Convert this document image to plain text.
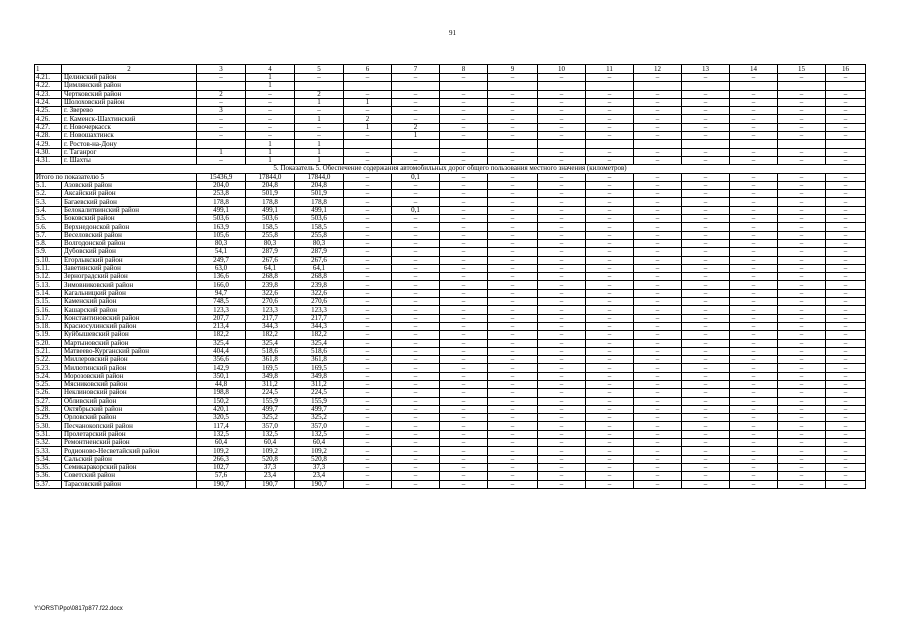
91
1	2	3	4	5	6	7	8	9	10	11	12	13	14	15	16
4.21.	Целинский район	–	1	–	–	–	–	–	–	–	–	–	–	–	–
4.22.	Цимлянский район		1												
4.23.	Чертковский район	2	–	2	–	–	–	–	–	–	–	–	–	–	–
4.24.	Шолоховский район	–	–	1	1	–	–	–	–	–	–	–	–	–	–
4.25.	г. Зверево	3	–	–	–	–	–	–	–	–	–	–	–	–	–
4.26.	г. Каменск-Шахтинский	–	–	1	2	–	–	–	–	–	–	–	–	–	–
4.27.	г. Новочеркасск	–	–	–	1	2	–	–	–	–	–	–	–	–	–
4.28.	г. Новошахтинск	–	–	–	–	1	–	–	–	–	–	–	–	–	–
4.29.	г. Ростов-на-Дону		1	1											
4.30.	г. Таганрог	1	1	1	–	–	–	–	–	–	–	–	–	–	–
4.31.	г. Шахты	–	1	1	–	–	–	–	–	–	–	–	–	–	–
5. Показатель 5. Обеспечение содержания автомобильных дорог общего пользования местного значения (километров)															
Итого по показателю 5		15436,9	17844,0	17844,0	–	0,1	–	–	–	–	–	–	–	–	–
5.1.	Азовский район	204,0	204,8	204,8	–	–	–	–	–	–	–	–	–	–	–
5.2.	Аксайский район	253,8	501,9	501,9	–	–	–	–	–	–	–	–	–	–	–
5.3.	Багаевский район	178,8	178,8	178,8	–	–	–	–	–	–	–	–	–	–	–
5.4.	Белокалитвинский район	499,1	499,1	499,1	–	0,1	–	–	–	–	–	–	–	–	–
5.5.	Боковский район	503,6	503,6	503,6	–	–	–	–	–	–	–	–	–	–	–
5.6.	Верхнедонской район	163,9	158,5	158,5	–	–	–	–	–	–	–	–	–	–	–
5.7.	Веселовский район	105,6	255,8	255,8	–	–	–	–	–	–	–	–	–	–	–
5.8.	Волгодонской район	80,3	80,3	80,3	–	–	–	–	–	–	–	–	–	–	–
5.9.	Дубовский район	54,1	287,9	287,9	–	–	–	–	–	–	–	–	–	–	–
5.10.	Егорлыкский район	249,7	267,6	267,6	–	–	–	–	–	–	–	–	–	–	–
5.11.	Заветинский район	63,0	64,1	64,1	–	–	–	–	–	–	–	–	–	–	–
5.12.	Зерноградский район	136,6	268,8	268,8	–	–	–	–	–	–	–	–	–	–	–
5.13.	Зимовниковский район	166,0	239,8	239,8	–	–	–	–	–	–	–	–	–	–	–
5.14.	Кагальницкий район	94,7	322,6	322,6	–	–	–	–	–	–	–	–	–	–	–
5.15.	Каменский район	748,5	270,6	270,6	–	–	–	–	–	–	–	–	–	–	–
5.16.	Кашарский район	123,3	123,3	123,3	–	–	–	–	–	–	–	–	–	–	–
5.17.	Константиновский район	207,7	217,7	217,7	–	–	–	–	–	–	–	–	–	–	–
5.18.	Красносулинский район	213,4	344,3	344,3	–	–	–	–	–	–	–	–	–	–	–
5.19.	Куйбышевский район	182,2	182,2	182,2	–	–	–	–	–	–	–	–	–	–	–
5.20.	Мартыновский район	325,4	325,4	325,4	–	–	–	–	–	–	–	–	–	–	–
5.21.	Матвеево-Курганский район	404,4	518,6	518,6	–	–	–	–	–	–	–	–	–	–	–
5.22.	Миллеровский район	356,6	361,8	361,8	–	–	–	–	–	–	–	–	–	–	–
5.23.	Милютинский район	142,9	169,5	169,5	–	–	–	–	–	–	–	–	–	–	–
5.24.	Морозовский район	350,1	349,8	349,8	–	–	–	–	–	–	–	–	–	–	–
5.25.	Мясниковский район	44,8	311,2	311,2	–	–	–	–	–	–	–	–	–	–	–
5.26.	Неклиновский район	198,8	224,5	224,5	–	–	–	–	–	–	–	–	–	–	–
5.27.	Обливский район	150,2	155,9	155,9	–	–	–	–	–	–	–	–	–	–	–
5.28.	Октябрьский район	420,1	499,7	499,7	–	–	–	–	–	–	–	–	–	–	–
5.29.	Орловский район	320,5	325,2	325,2	–	–	–	–	–	–	–	–	–	–	–
5.30.	Песчанокопский район	117,4	357,0	357,0	–	–	–	–	–	–	–	–	–	–	–
5.31.	Пролетарский район	132,5	132,5	132,5	–	–	–	–	–	–	–	–	–	–	–
5.32.	Ремонтненский район	60,4	60,4	60,4	–	–	–	–	–	–	–	–	–	–	–
5.33.	Родионово-Несветайский район	109,2	109,2	109,2	–	–	–	–	–	–	–	–	–	–	–
5.34.	Сальский район	266,3	520,8	520,8	–	–	–	–	–	–	–	–	–	–	–
5.35.	Семикаракорский район	102,7	37,3	37,3	–	–	–	–	–	–	–	–	–	–	–
5.36.	Советский район	57,6	23,4	23,4	–	–	–	–	–	–	–	–	–	–	–
5.37.	Тарасовский район	190,7	190,7	190,7	–	–	–	–	–	–	–	–	–	–	–
Y:\ORST\Ppo\0817p877.f22.docx
